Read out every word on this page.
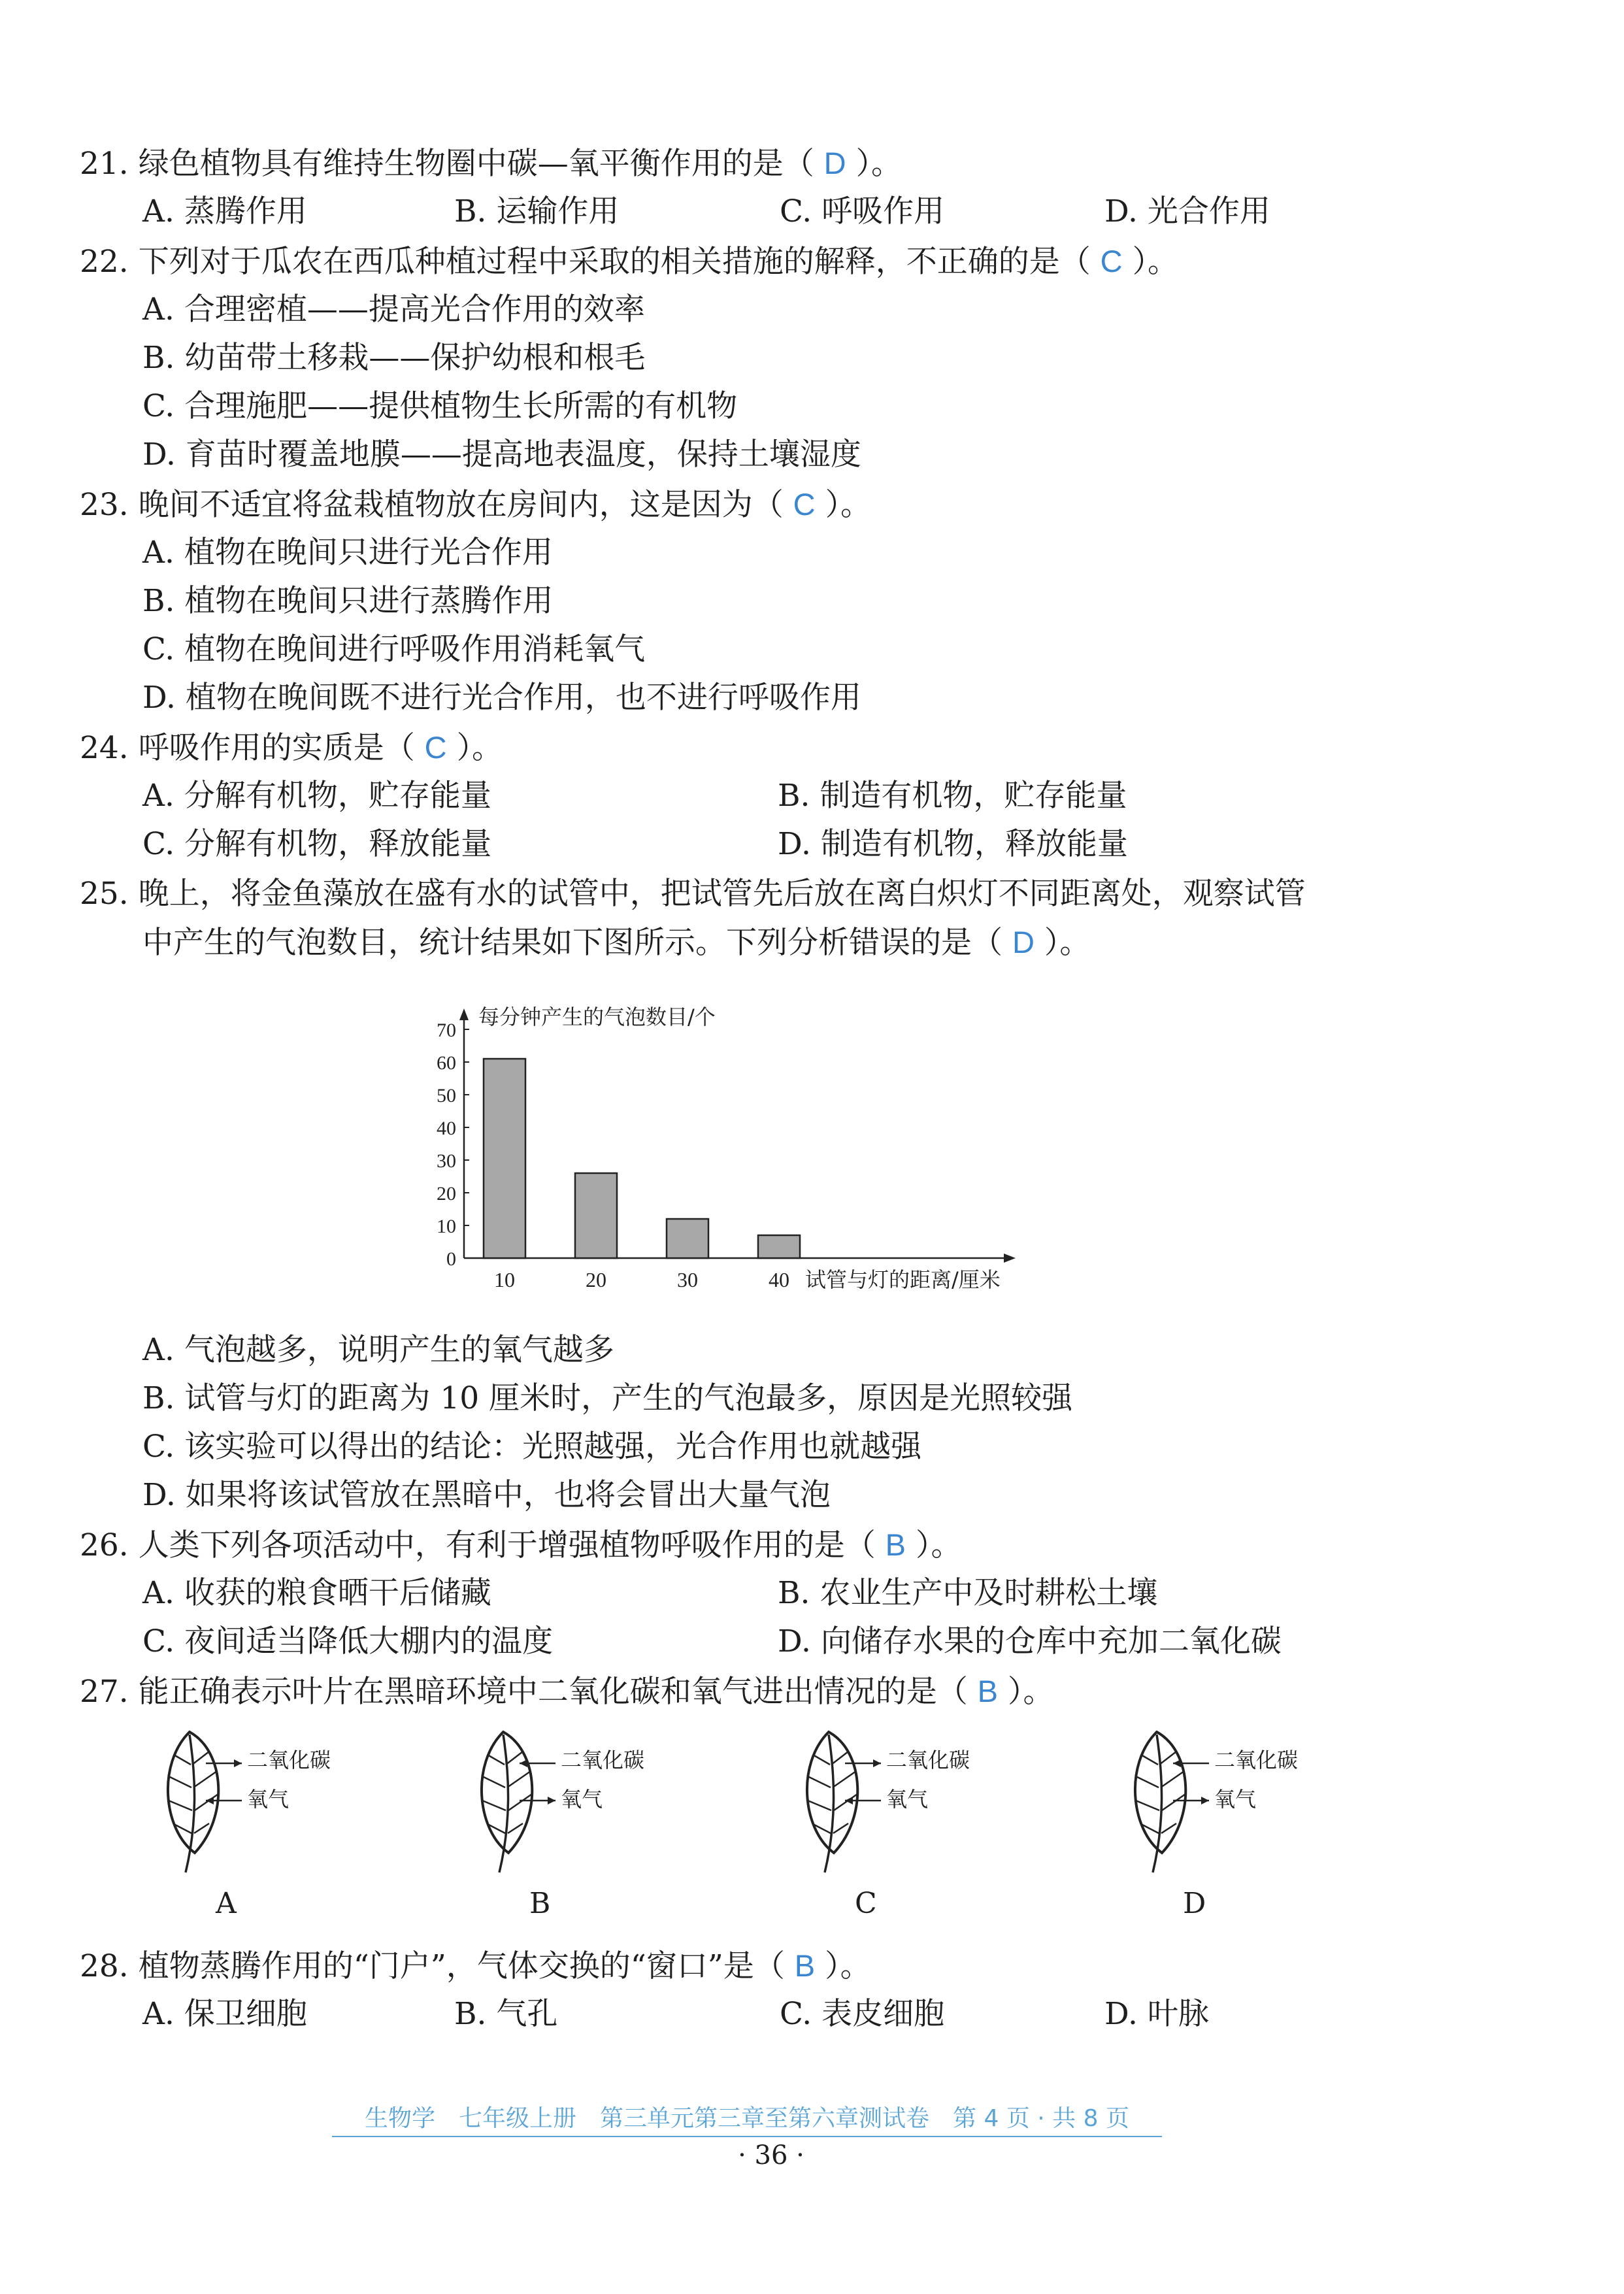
21. 绿色植物具有维持生物圈中碳—氧平衡作用的是（ D ）。
A. 蒸腾作用	B. 运输作用	C. 呼吸作用	D. 光合作用
22. 下列对于瓜农在西瓜种植过程中采取的相关措施的解释，不正确的是（ C ）。
A. 合理密植——提高光合作用的效率
B. 幼苗带土移栽——保护幼根和根毛
C. 合理施肥——提供植物生长所需的有机物
D. 育苗时覆盖地膜——提高地表温度，保持土壤湿度
23. 晚间不适宜将盆栽植物放在房间内，这是因为（ C ）。
A. 植物在晚间只进行光合作用
B. 植物在晚间只进行蒸腾作用
C. 植物在晚间进行呼吸作用消耗氧气
D. 植物在晚间既不进行光合作用，也不进行呼吸作用
24. 呼吸作用的实质是（ C ）。
A. 分解有机物，贮存能量	B. 制造有机物，贮存能量
C. 分解有机物，释放能量	D. 制造有机物，释放能量
25. 晚上，将金鱼藻放在盛有水的试管中，把试管先后放在离白炽灯不同距离处，观察试管
中产生的气泡数目，统计结果如下图所示。下列分析错误的是（ D ）。
0
10
20
30
40
50
60
70
每分钟产生的气泡数目/个
10	20	30	40 试管与灯的距离/厘米
A. 气泡越多，说明产生的氧气越多
B. 试管与灯的距离为 10 厘米时，产生的气泡最多，原因是光照较强
C. 该实验可以得出的结论：光照越强，光合作用也就越强
D. 如果将该试管放在黑暗中，也将会冒出大量气泡
26. 人类下列各项活动中，有利于增强植物呼吸作用的是（ B ）。
A. 收获的粮食晒干后储藏	B. 农业生产中及时耕松土壤
C. 夜间适当降低大棚内的温度	D. 向储存水果的仓库中充加二氧化碳
27. 能正确表示叶片在黑暗环境中二氧化碳和氧气进出情况的是（ B ）。
二氧化碳
氧气
A
二氧化碳
氧气
B
二氧化碳
氧气
C
二氧化碳
氧气
D
28. 植物蒸腾作用的“门户”，气体交换的“窗口”是（ B ）。
A. 保卫细胞	B. 气孔	C. 表皮细胞	D. 叶脉
生物学　七年级上册　第三单元第三章至第六章测试卷　第 4 页 · 共 8 页
· 36 ·
